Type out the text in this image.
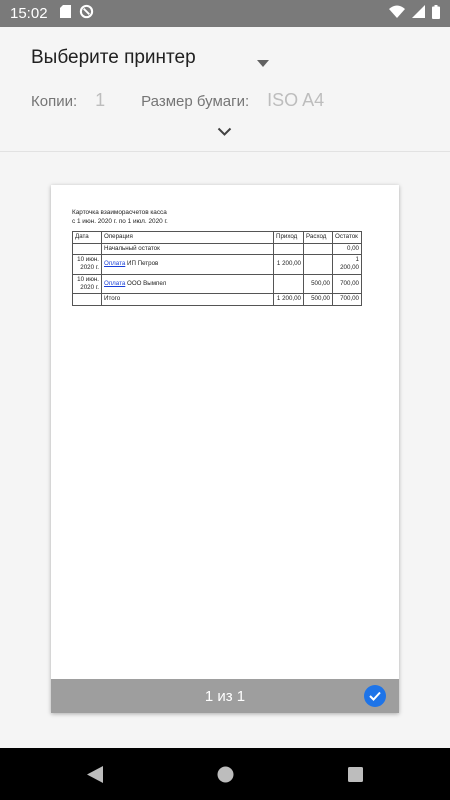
15:02
Выберите принтер
Копии: 1 Размер бумаги: ISO A4
Карточка взаиморасчетов касса
с 1 июн. 2020 г. по 1 июл. 2020 г.
Дата	Операция	Приход	Расход	Остаток
	Начальный остаток			0,00
10 июн. 2020 г.	Оплата ИП Петров	1 200,00		1 200,00
10 июн. 2020 г.	Оплата ООО Вымпел		500,00	700,00
	Итого	1 200,00	500,00	700,00
1 из 1
